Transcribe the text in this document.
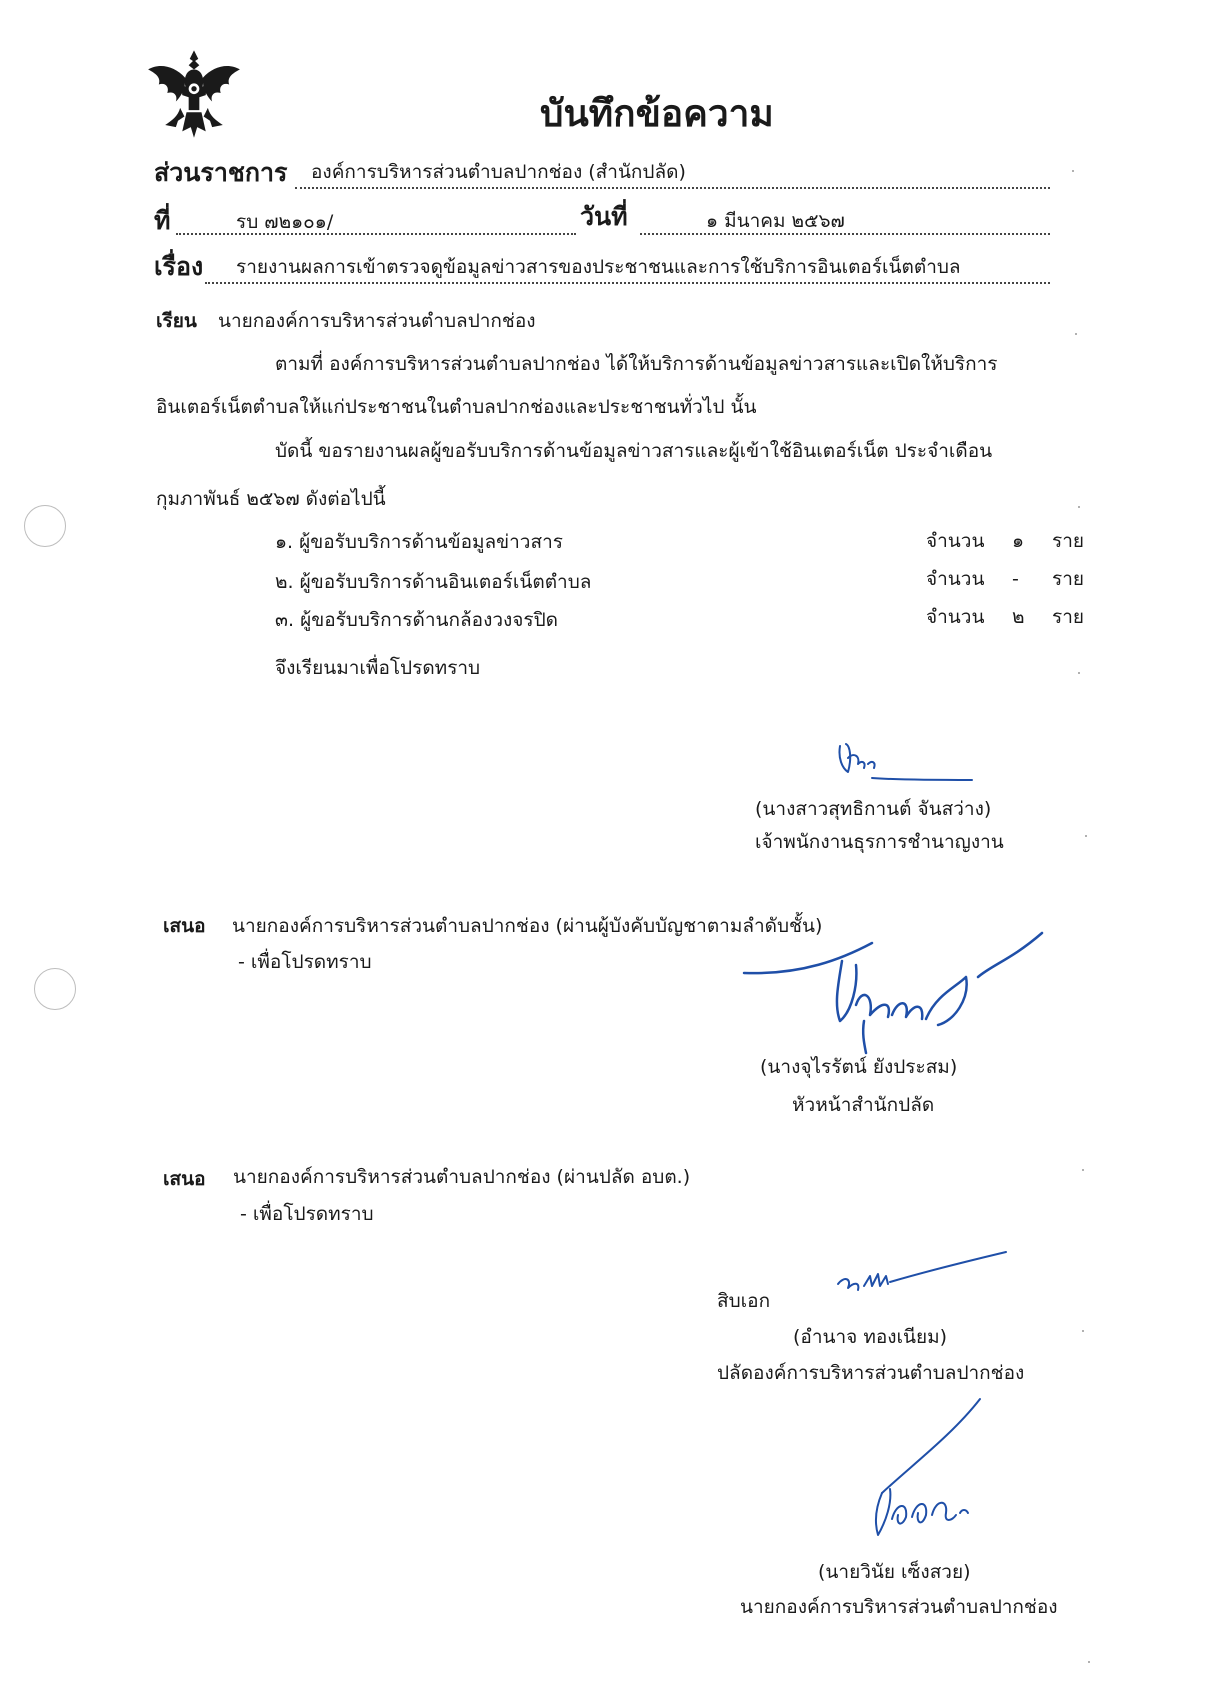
บันทึกข้อความ
ส่วนราชการ องค์การบริหารส่วนตำบลปากช่อง (สำนักปลัด)
ที่	รบ ๗๒๑๐๑/	วันที่	๑ มีนาคม ๒๕๖๗
เรื่อง รายงานผลการเข้าตรวจดูข้อมูลข่าวสารของประชาชนและการใช้บริการอินเตอร์เน็ตตำบล
เรียน นายกองค์การบริหารส่วนตำบลปากช่อง
ตามที่ องค์การบริหารส่วนตำบลปากช่อง ได้ให้บริการด้านข้อมูลข่าวสารและเปิดให้บริการ
อินเตอร์เน็ตตำบลให้แก่ประชาชนในตำบลปากช่องและประชาชนทั่วไป นั้น
บัดนี้ ขอรายงานผลผู้ขอรับบริการด้านข้อมูลข่าวสารและผู้เข้าใช้อินเตอร์เน็ต ประจำเดือน
กุมภาพันธ์ ๒๕๖๗ ดังต่อไปนี้
๑. ผู้ขอรับบริการด้านข้อมูลข่าวสาร	จำนวน ๑ ราย
๒. ผู้ขอรับบริการด้านอินเตอร์เน็ตตำบล	จำนวน - ราย
๓. ผู้ขอรับบริการด้านกล้องวงจรปิด	จำนวน ๒ ราย
จึงเรียนมาเพื่อโปรดทราบ
(นางสาวสุทธิกานต์ จันสว่าง)
เจ้าพนักงานธุรการชำนาญงาน
เสนอ นายกองค์การบริหารส่วนตำบลปากช่อง (ผ่านผู้บังคับบัญชาตามลำดับชั้น)
- เพื่อโปรดทราบ
(นางจุไรรัตน์ ยังประสม)
หัวหน้าสำนักปลัด
เสนอ นายกองค์การบริหารส่วนตำบลปากช่อง (ผ่านปลัด อบต.)
- เพื่อโปรดทราบ
สิบเอก
(อำนาจ ทองเนียม)
ปลัดองค์การบริหารส่วนตำบลปากช่อง
(นายวินัย เซ็งสวย)
นายกองค์การบริหารส่วนตำบลปากช่อง
